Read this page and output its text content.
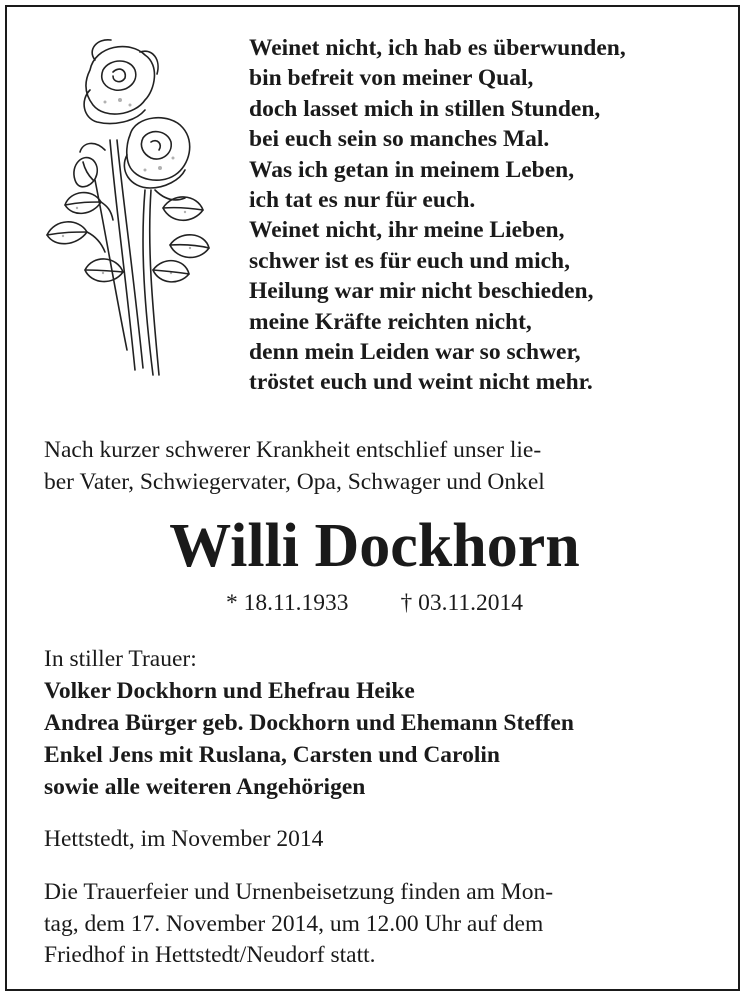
Weinet nicht, ich hab es überwunden,
bin befreit von meiner Qual,
doch lasset mich in stillen Stunden,
bei euch sein so manches Mal.
Was ich getan in meinem Leben,
ich tat es nur für euch.
Weinet nicht, ihr meine Lieben,
schwer ist es für euch und mich,
Heilung war mir nicht beschieden,
meine Kräfte reichten nicht,
denn mein Leiden war so schwer,
tröstet euch und weint nicht mehr.
Nach kurzer schwerer Krankheit entschlief unser lie-
ber Vater, Schwiegervater, Opa, Schwager und Onkel
Willi Dockhorn
* 18.11.1933 † 03.11.2014
In stiller Trauer:
Volker Dockhorn und Ehefrau Heike
Andrea Bürger geb. Dockhorn und Ehemann Steffen
Enkel Jens mit Ruslana, Carsten und Carolin
sowie alle weiteren Angehörigen
Hettstedt, im November 2014
Die Trauerfeier und Urnenbeisetzung finden am Mon-
tag, dem 17. November 2014, um 12.00 Uhr auf dem
Friedhof in Hettstedt/Neudorf statt.
